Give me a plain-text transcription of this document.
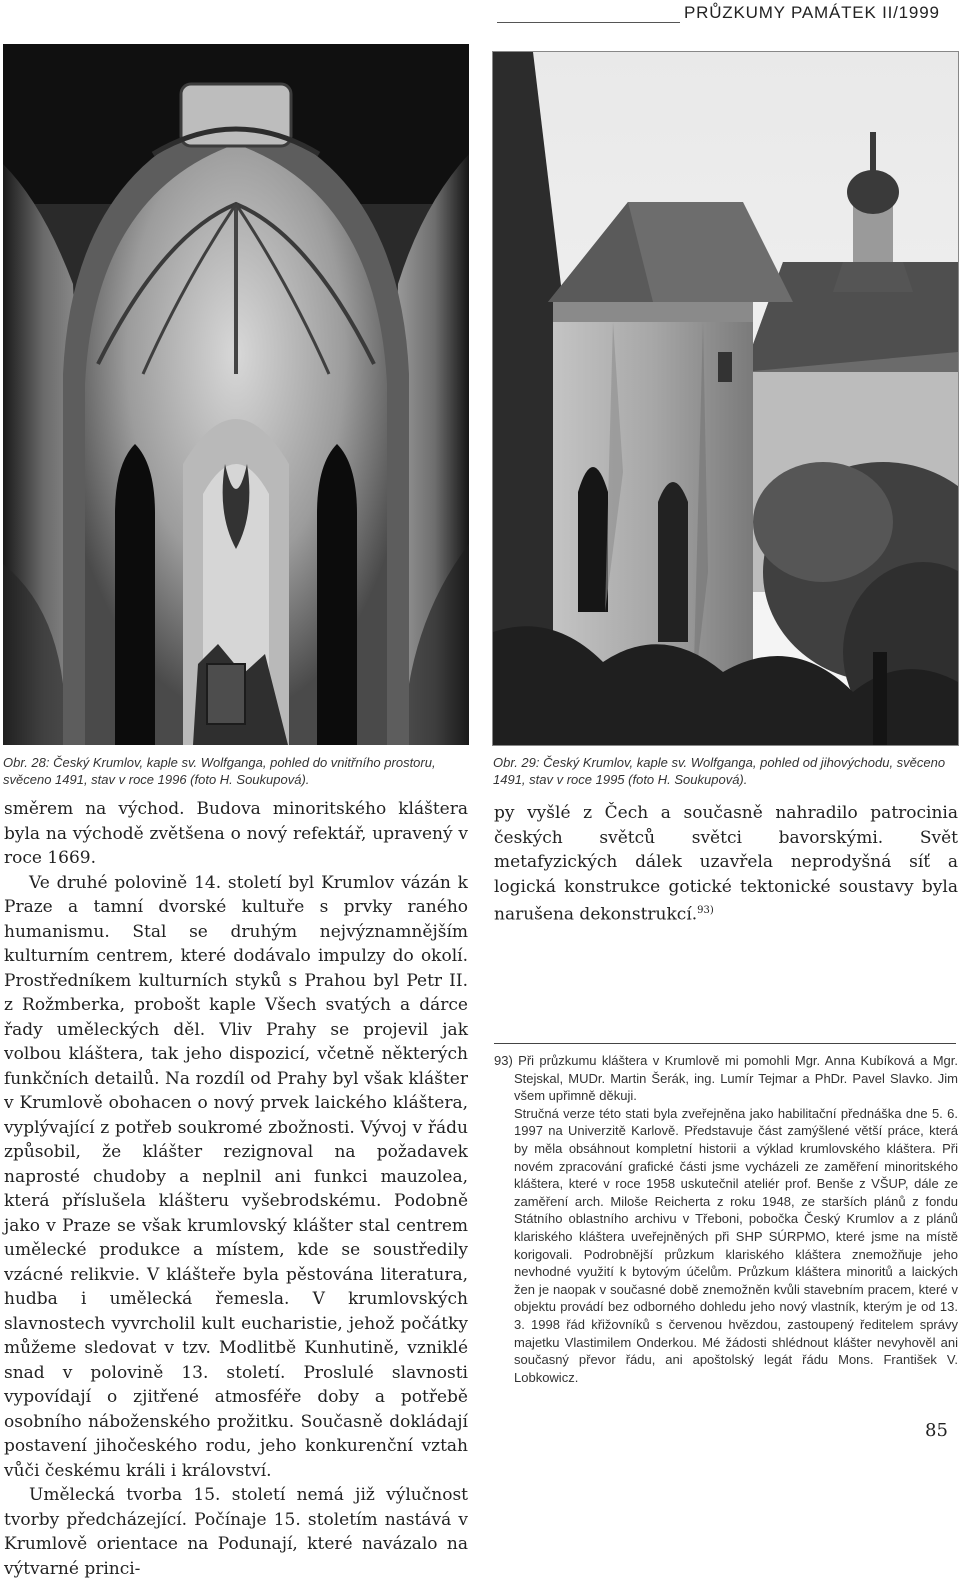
PRŮZKUMY PAMÁTEK II/1999
Obr. 28: Český Krumlov, kaple sv. Wolfganga, pohled do vnitřního prostoru, svěceno 1491, stav v roce 1996 (foto H. Soukupová).
Obr. 29: Český Krumlov, kaple sv. Wolfganga, pohled od jihovýchodu, svěceno 1491, stav v roce 1995 (foto H. Soukupová).

směrem na východ. Budova minoritského kláštera byla na východě zvětšena o nový refektář, upravený v roce 1669.

Ve druhé polovině 14. století byl Krumlov vázán k Praze a tamní dvorské kultuře s prvky raného humanismu. Stal se druhým nejvýznamnějším kulturním centrem, které dodávalo impulzy do okolí. Prostředníkem kulturních styků s Prahou byl Petr II. z Rožmberka, probošt kaple Všech svatých a dárce řady uměleckých děl. Vliv Prahy se projevil jak volbou kláštera, tak jeho dispozicí, včetně některých funkčních detailů. Na rozdíl od Prahy byl však klášter v Krumlově obohacen o nový prvek laického kláštera, vyplývající z potřeb soukromé zbožnosti. Vývoj v řádu způsobil, že klášter rezignoval na požadavek naprosté chudoby a neplnil ani funkci mauzolea, která příslušela klášteru vyšebrodskému. Podobně jako v Praze se však krumlovský klášter stal centrem umělecké produkce a místem, kde se soustředily vzácné relikvie. V klášteře byla pěstována literatura, hudba i umělecká řemesla. V krumlovských slavnostech vyvrcholil kult eucharistie, jehož počátky můžeme sledovat v tzv. Modlitbě Kunhutině, vzniklé snad v polovině 13. století. Proslulé slavnosti vypovídají o zjitřené atmosféře doby a potřebě osobního náboženského prožitku. Současně dokládají postavení jihočeského rodu, jeho konkurenční vztah vůči českému králi i království.

Umělecká tvorba 15. století nemá již výlučnost tvorby předcházející. Počínaje 15. stoletím nastává v Krumlově orientace na Podunají, které navázalo na výtvarné princi-

py vyšlé z Čech a současně nahradilo patrocinia českých světců světci bavorskými. Svět metafyzických dálek uzavřela neprodyšná síť a logická konstrukce gotické tektonické soustavy byla narušena dekonstrukcí.$^{93)}$

93) Při průzkumu kláštera v Krumlově mi pomohli Mgr. Anna Kubíková a Mgr. Stejskal, MUDr. Martin Šerák, ing. Lumír Tejmar a PhDr. Pavel Slavko. Jim všem upřimně děkuji.

Stručná verze této stati byla zveřejněna jako habilitační přednáška dne 5. 6. 1997 na Univerzitě Karlově. Představuje část zamýšlené větší práce, která by měla obsáhnout kompletní historii a výklad krumlovského kláštera. Při novém zpracování grafické části jsme vycházeli ze zaměření minoritského kláštera, které v roce 1958 uskutečnil ateliér prof. Benše z VŠUP, dále ze zaměření arch. Miloše Reicherta z roku 1948, ze starších plánů z fondu Státního oblastního archivu v Třeboni, pobočka Český Krumlov a z plánů klariského kláštera uveřejněných při SHP SÚRPMO, které jsme na místě korigovali. Podrobnější průzkum klariského kláštera znemožňuje jeho nevhodné využití k bytovým účelům. Průzkum kláštera minoritů a laických žen je naopak v současné době znemožněn kvůli stavebním pracem, které v objektu provádí bez odborného dohledu jeho nový vlastník, kterým je od 13. 3. 1998 řád křižovníků s červenou hvězdou, zastoupený ředitelem správy majetku Vlastimilem Onderkou. Mé žádosti shlédnout klášter nevyhověl ani současný převor řádu, ani apoštolský legát řádu Mons. František V. Lobkowicz.

85
